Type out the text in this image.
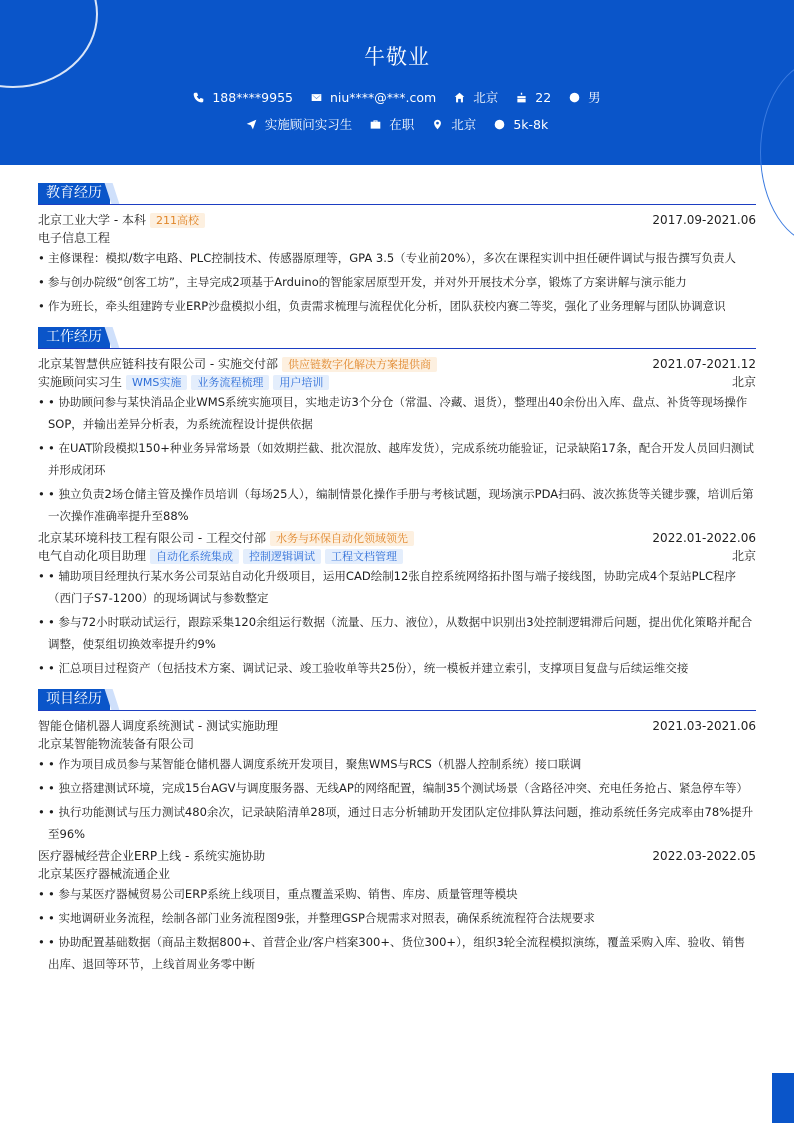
牛敬业
188****9955	niu****@***.com	北京	22	男
实施顾问实习生	在职	北京	5k-8k
教育经历
北京工业大学 - 本科 211高校	2017.09-2021.06
电子信息工程
• 主修课程：模拟/数字电路、PLC控制技术、传感器原理等，GPA 3.5（专业前20%），多次在课程实训中担任硬件调试与报告撰写负责人
• 参与创办院级“创客工坊”，主导完成2项基于Arduino的智能家居原型开发，并对外开展技术分享，锻炼了方案讲解与演示能力
• 作为班长，牵头组建跨专业ERP沙盘模拟小组，负责需求梳理与流程优化分析，团队获校内赛二等奖，强化了业务理解与团队协调意识
工作经历
北京某智慧供应链科技有限公司 - 实施交付部 供应链数字化解决方案提供商	2021.07-2021.12
实施顾问实习生 WMS实施	业务流程梳理	用户培训	北京
• • 协助顾问参与某快消品企业WMS系统实施项目，实地走访3个分仓（常温、冷藏、退货），整理出40余份出入库、盘点、补货等现场操作SOP，并输出差异分析表，为系统流程设计提供依据
• • 在UAT阶段模拟150+种业务异常场景（如效期拦截、批次混放、越库发货），完成系统功能验证，记录缺陷17条，配合开发人员回归测试并形成闭环
• • 独立负责2场仓储主管及操作员培训（每场25人），编制情景化操作手册与考核试题，现场演示PDA扫码、波次拣货等关键步骤，培训后第一次操作准确率提升至88%
北京某环境科技工程有限公司 - 工程交付部 水务与环保自动化领域领先	2022.01-2022.06
电气自动化项目助理 自动化系统集成	控制逻辑调试	工程文档管理	北京
• • 辅助项目经理执行某水务公司泵站自动化升级项目，运用CAD绘制12张自控系统网络拓扑图与端子接线图，协助完成4个泵站PLC程序（西门子S7-1200）的现场调试与参数整定
• • 参与72小时联动试运行，跟踪采集120余组运行数据（流量、压力、液位），从数据中识别出3处控制逻辑滞后问题，提出优化策略并配合调整，使泵组切换效率提升约9%
• • 汇总项目过程资产（包括技术方案、调试记录、竣工验收单等共25份），统一模板并建立索引，支撑项目复盘与后续运维交接
项目经历
智能仓储机器人调度系统测试 - 测试实施助理	2021.03-2021.06
北京某智能物流装备有限公司
• • 作为项目成员参与某智能仓储机器人调度系统开发项目，聚焦WMS与RCS（机器人控制系统）接口联调
• • 独立搭建测试环境，完成15台AGV与调度服务器、无线AP的网络配置，编制35个测试场景（含路径冲突、充电任务抢占、紧急停车等）
• • 执行功能测试与压力测试480余次，记录缺陷清单28项，通过日志分析辅助开发团队定位排队算法问题，推动系统任务完成率由78%提升至96%
医疗器械经营企业ERP上线 - 系统实施协助	2022.03-2022.05
北京某医疗器械流通企业
• • 参与某医疗器械贸易公司ERP系统上线项目，重点覆盖采购、销售、库房、质量管理等模块
• • 实地调研业务流程，绘制各部门业务流程图9张，并整理GSP合规需求对照表，确保系统流程符合法规要求
• • 协助配置基础数据（商品主数据800+、首营企业/客户档案300+、货位300+），组织3轮全流程模拟演练，覆盖采购入库、验收、销售出库、退回等环节，上线首周业务零中断
